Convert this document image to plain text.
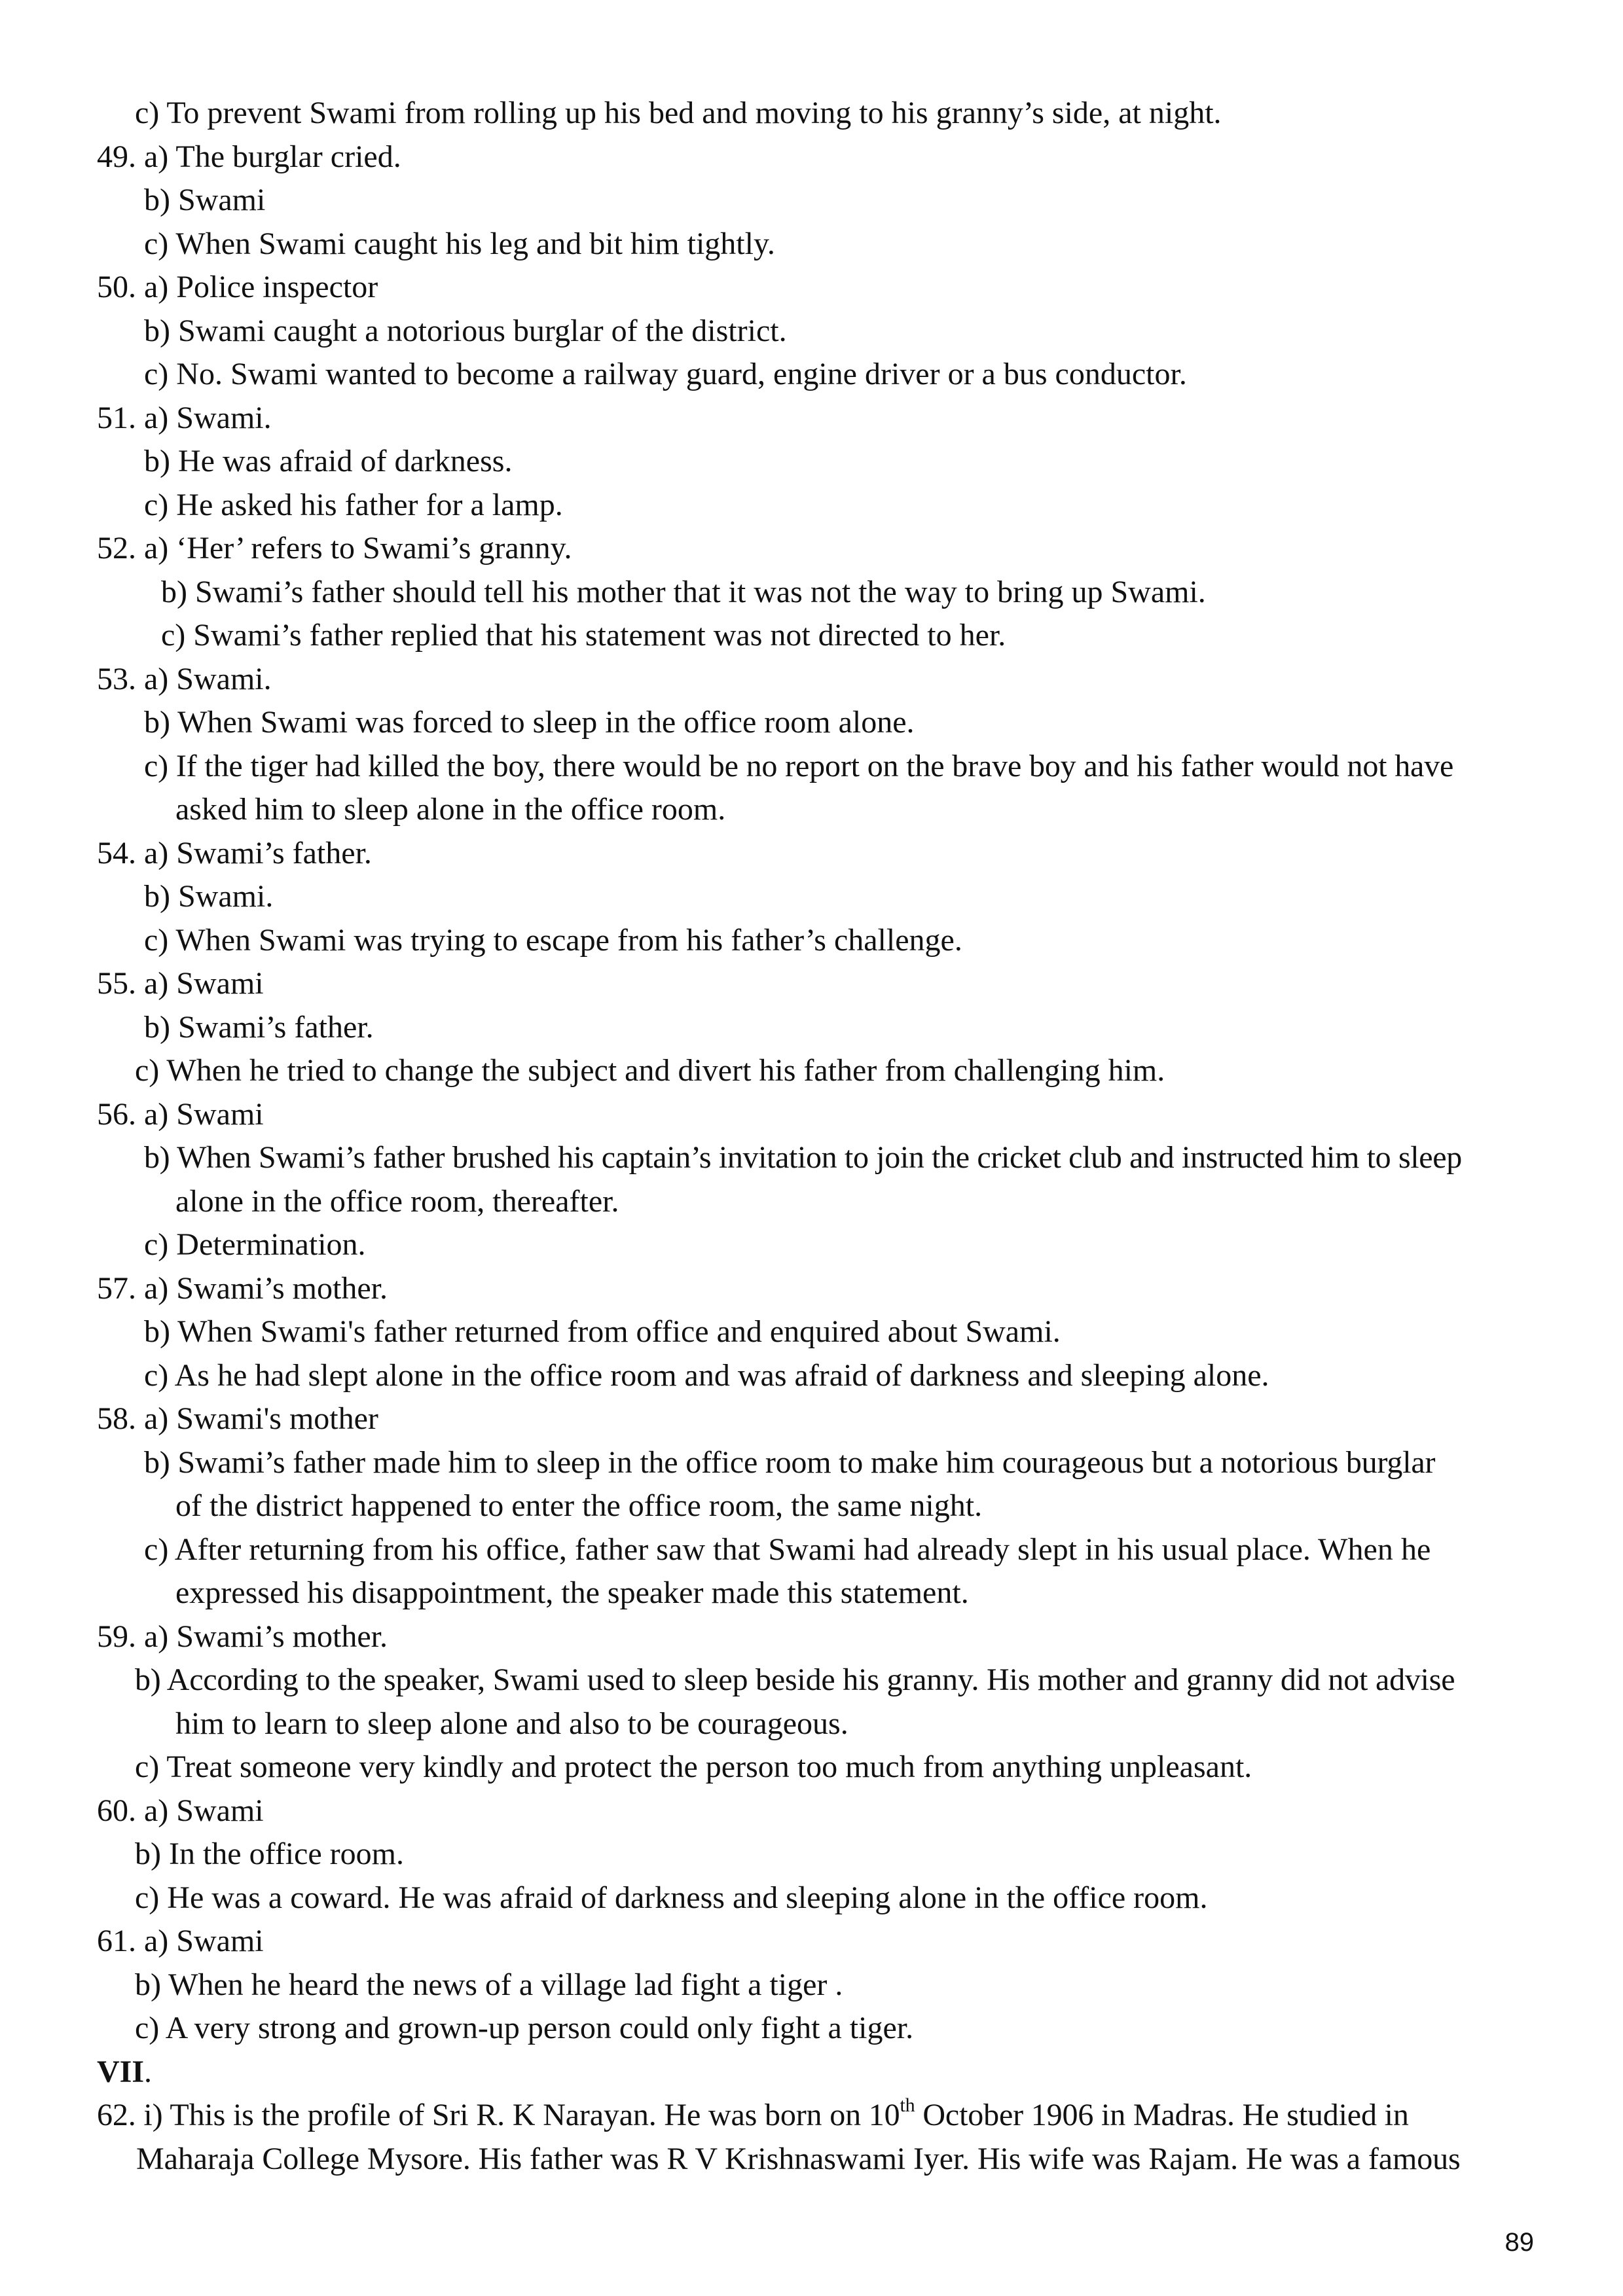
c) To prevent Swami from rolling up his bed and moving to his granny’s side, at night.
49. a) The burglar cried.
b) Swami
c) When Swami caught his leg and bit him tightly.
50. a) Police inspector
b) Swami caught a notorious burglar of the district.
c) No. Swami wanted to become a railway guard, engine driver or a bus conductor.
51. a) Swami.
b) He was afraid of darkness.
c) He asked his father for a lamp.
52. a) ‘Her’ refers to Swami’s granny.
b) Swami’s father should tell his mother that it was not the way to bring up Swami.
c) Swami’s father replied that his statement was not directed to her.
53. a) Swami.
b) When Swami was forced to sleep in the office room alone.
c) If the tiger had killed the boy, there would be no report on the brave boy and his father would not have
asked him to sleep alone in the office room.
54. a) Swami’s father.
b) Swami.
c) When Swami was trying to escape from his father’s challenge.
55. a) Swami
b) Swami’s father.
c) When he tried to change the subject and divert his father from challenging him.
56. a) Swami
b) When Swami’s father brushed his captain’s invitation to join the cricket club and instructed him to sleep
alone in the office room, thereafter.
c) Determination.
57. a) Swami’s mother.
b) When Swami's father returned from office and enquired about Swami.
c) As he had slept alone in the office room and was afraid of darkness and sleeping alone.
58. a) Swami's mother
b) Swami’s father made him to sleep in the office room to make him courageous but a notorious burglar
of the district happened to enter the office room, the same night.
c) After returning from his office, father saw that Swami had already slept in his usual place. When he
expressed his disappointment, the speaker made this statement.
59. a) Swami’s mother.
b) According to the speaker, Swami used to sleep beside his granny. His mother and granny did not advise
him to learn to sleep alone and also to be courageous.
c) Treat someone very kindly and protect the person too much from anything unpleasant.
60. a) Swami
b) In the office room.
c) He was a coward. He was afraid of darkness and sleeping alone in the office room.
61. a) Swami
b) When he heard the news of a village lad fight a tiger .
c) A very strong and grown-up person could only fight a tiger.
VII.
62. i) This is the profile of Sri R. K Narayan. He was born on 10th October 1906 in Madras. He studied in
Maharaja College Mysore. His father was R V Krishnaswami Iyer. His wife was Rajam. He was a famous
89
